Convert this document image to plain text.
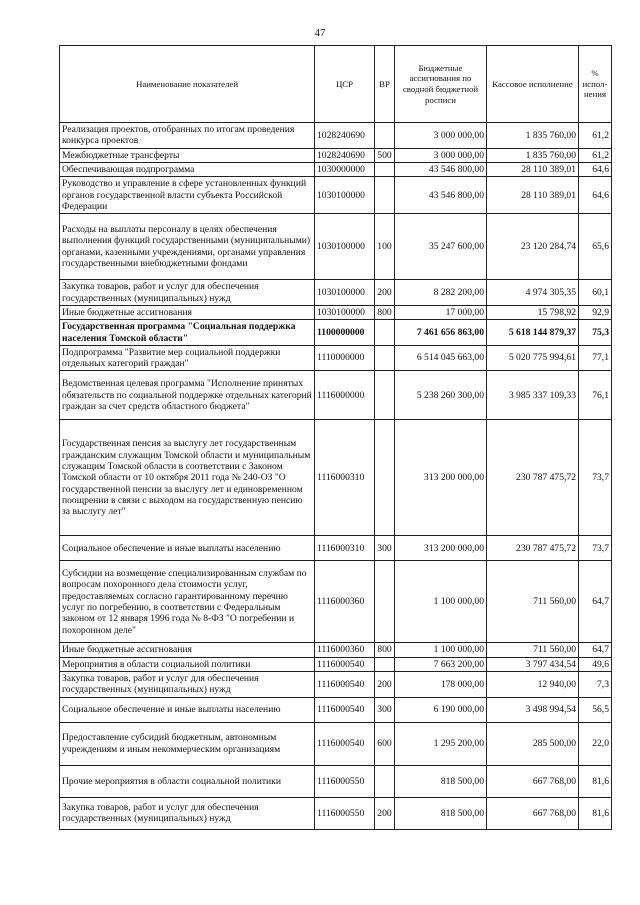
47
Наименование показателей	ЦСР	ВР	Бюджетные ассигнования по сводной бюджетной росписи	Кассовое исполнение	% испол-нения
Реализация проектов, отобранных по итогам проведения конкурса проектов	1028240690		3 000 000,00	1 835 760,00	61,2
Межбюджетные трансферты	1028240690	500	3 000 000,00	1 835 760,00	61,2
Обеспечивающая подпрограмма	1030000000		43 546 800,00	28 110 389,01	64,6
Руководство и управление в сфере установленных функций органов государственной власти субъекта Российской Федерации	1030100000		43 546 800,00	28 110 389,01	64,6
Расходы на выплаты персоналу в целях обеспечения выполнения функций государственными (муниципальными) органами, казенными учреждениями, органами управления государственными внебюджетными фондами	1030100000	100	35 247 600,00	23 120 284,74	65,6
Закупка товаров, работ и услуг для обеспечения государственных (муниципальных) нужд	1030100000	200	8 282 200,00	4 974 305,35	60,1
Иные бюджетные ассигнования	1030100000	800	17 000,00	15 798,92	92,9
Государственная программа "Социальная поддержка населения Томской области"	1100000000		7 461 656 863,00	5 618 144 879,37	75,3
Подпрограмма "Развитие мер социальной поддержки отдельных категорий граждан"	1110000000		6 514 045 663,00	5 020 775 994,61	77,1
Ведомственная целевая программа "Исполнение принятых обязательств по социальной поддержке отдельных категорий граждан за счет средств областного бюджета"	1116000000		5 238 260 300,00	3 985 337 109,33	76,1
Государственная пенсия за выслугу лет государственным гражданским служащим Томской области и муниципальным служащим Томской области в соответствии с Законом Томской области от 10 октября 2011 года № 240-ОЗ "О государственной пенсии за выслугу лет и единовременном поощрении в связи с выходом на государственную пенсию за выслугу лет"	1116000310		313 200 000,00	230 787 475,72	73,7
Социальное обеспечение и иные выплаты населению	1116000310	300	313 200 000,00	230 787 475,72	73,7
Субсидии на возмещение специализированным службам по вопросам похоронного дела стоимости услуг, предоставляемых согласно гарантированному перечню услуг по погребению, в соответствии с Федеральным законом от 12 января 1996 года № 8-ФЗ "О погребении и похоронном деле"	1116000360		1 100 000,00	711 560,00	64,7
Иные бюджетные ассигнования	1116000360	800	1 100 000,00	711 560,00	64,7
Мероприятия в области социальной политики	1116000540		7 663 200,00	3 797 434,54	49,6
Закупка товаров, работ и услуг для обеспечения государственных (муниципальных) нужд	1116000540	200	178 000,00	12 940,00	7,3
Социальное обеспечение и иные выплаты населению	1116000540	300	6 190 000,00	3 498 994,54	56,5
Предоставление субсидий бюджетным, автономным учреждениям и иным некоммерческим организациям	1116000540	600	1 295 200,00	285 500,00	22,0
Прочие мероприятия в области социальной политики	1116000550		818 500,00	667 768,00	81,6
Закупка товаров, работ и услуг для обеспечения государственных (муниципальных) нужд	1116000550	200	818 500,00	667 768,00	81,6
